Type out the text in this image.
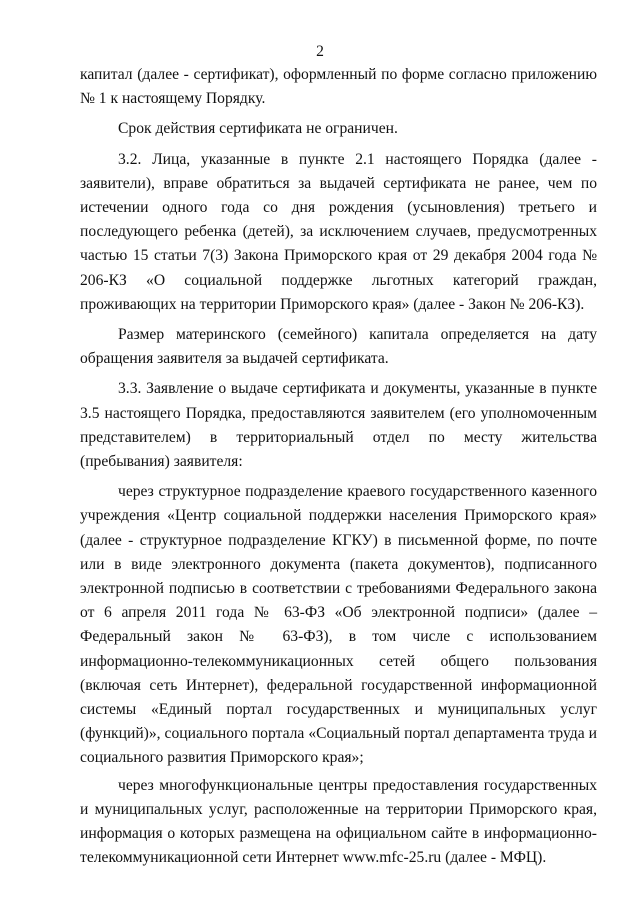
2

капитал (далее - сертификат), оформленный по форме согласно приложению № 1 к настоящему Порядку.

Срок действия сертификата не ограничен.

3.2. Лица, указанные в пункте 2.1 настоящего Порядка (далее - заявители), вправе обратиться за выдачей сертификата не ранее, чем по истечении одного года со дня рождения (усыновления) третьего и последующего ребенка (детей), за исключением случаев, предусмотренных частью 15 статьи 7(3) Закона Приморского края от 29 декабря 2004 года № 206-КЗ «О социальной поддержке льготных категорий граждан, проживающих на территории Приморского края» (далее - Закон № 206-КЗ).

Размер материнского (семейного) капитала определяется на дату обращения заявителя за выдачей сертификата.

3.3. Заявление о выдаче сертификата и документы, указанные в пункте 3.5 настоящего Порядка, предоставляются заявителем (его уполномоченным представителем) в территориальный отдел по месту жительства (пребывания) заявителя:

через структурное подразделение краевого государственного казенного учреждения «Центр социальной поддержки населения Приморского края» (далее - структурное подразделение КГКУ) в письменной форме, по почте или в виде электронного документа (пакета документов), подписанного электронной подписью в соответствии с требованиями Федерального закона от 6 апреля 2011 года № 63-ФЗ «Об электронной подписи» (далее – Федеральный закон № 63-ФЗ), в том числе с использованием информационно-телекоммуникационных сетей общего пользования (включая сеть Интернет), федеральной государственной информационной системы «Единый портал государственных и муниципальных услуг (функций)», социального портала «Социальный портал департамента труда и социального развития Приморского края»;

через многофункциональные центры предоставления государственных и муниципальных услуг, расположенные на территории Приморского края, информация о которых размещена на официальном сайте в информационно-телекоммуникационной сети Интернет www.mfc-25.ru (далее - МФЦ).
